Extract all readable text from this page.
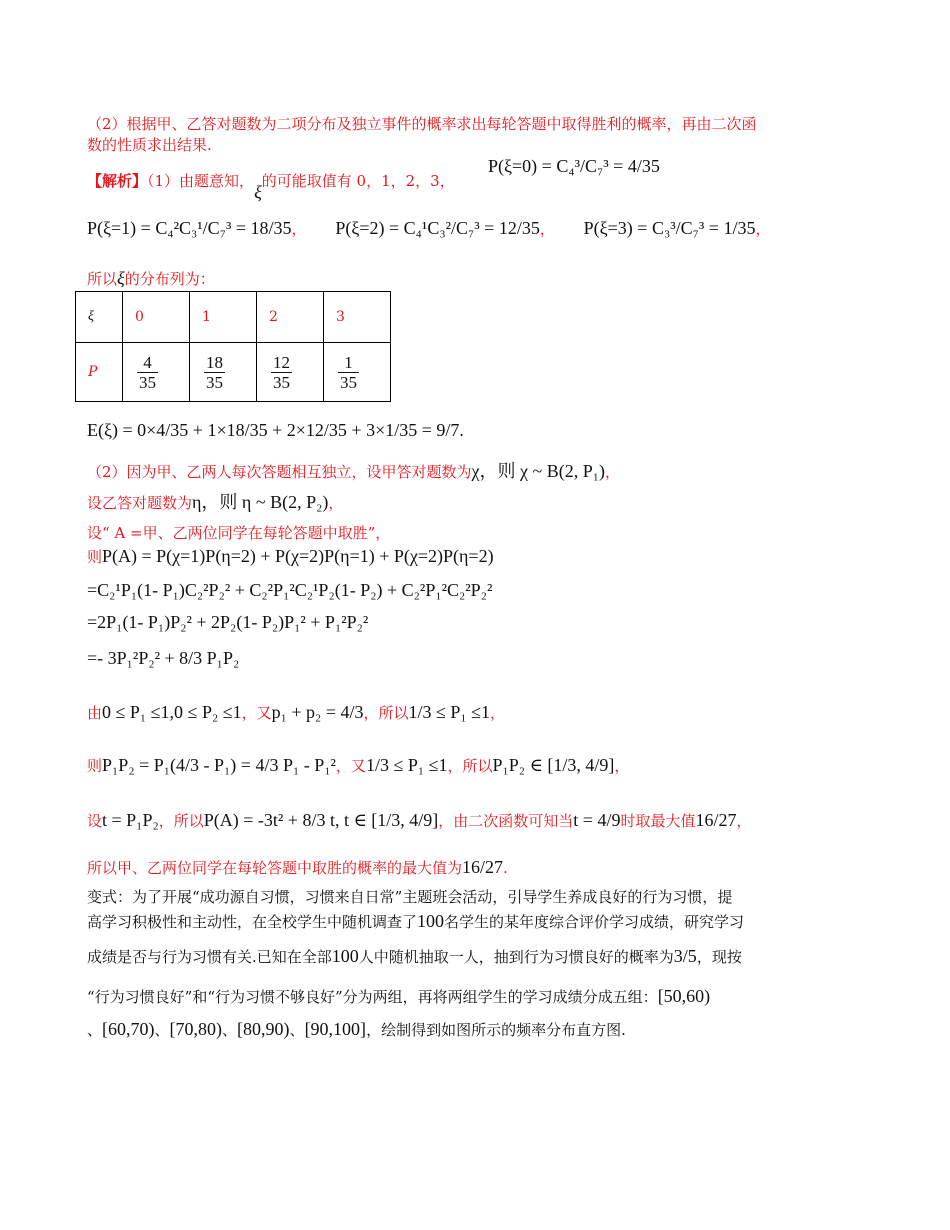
（2）根据甲、乙答对题数为二项分布及独立事件的概率求出每轮答题中取得胜利的概率，再由二次函
数的性质求出结果.
【解析】（1）由题意知，ξ的可能取值有 0，1，2，3，
P(ξ=0) = C₄³/C₇³ = 4/35
P(ξ=1) = C₄²C₃¹/C₇³ = 18/35， P(ξ=2) = C₄¹C₃²/C₇³ = 12/35， P(ξ=3) = C₃³/C₇³ = 1/35，
所以ξ的分布列为：
ξ	0	1	2	3
P	$\frac{4}{35}$	$\frac{18}{35}$	$\frac{12}{35}$	$\frac{1}{35}$
E(ξ) = 0×4/35 + 1×18/35 + 2×12/35 + 3×1/35 = 9/7.
（2）因为甲、乙两人每次答题相互独立，设甲答对题数为χ，则 χ ~ B(2, P₁)，
设乙答对题数为η，则 η ~ B(2, P₂)，
设“ A =甲、乙两位同学在每轮答题中取胜”，
则P(A) = P(χ=1)P(η=2) + P(χ=2)P(η=1) + P(χ=2)P(η=2)
=C₂¹P₁(1- P₁)C₂²P₂² + C₂²P₁²C₂¹P₂(1- P₂) + C₂²P₁²C₂²P₂²
=2P₁(1- P₁)P₂² + 2P₂(1- P₂)P₁² + P₁²P₂²
=- 3P₁²P₂² + 8/3 P₁P₂
由0 ≤ P₁ ≤1,0 ≤ P₂ ≤1，又p₁ + p₂ = 4/3，所以1/3 ≤ P₁ ≤1，
则P₁P₂ = P₁(4/3 - P₁) = 4/3 P₁ - P₁²，又1/3 ≤ P₁ ≤1，所以P₁P₂ ∈ [1/3, 4/9]，
设t = P₁P₂，所以P(A) = -3t² + 8/3 t, t ∈ [1/3, 4/9]，由二次函数可知当t = 4/9时取最大值16/27，
所以甲、乙两位同学在每轮答题中取胜的概率的最大值为16/27.
变式：为了开展“成功源自习惯，习惯来自日常”主题班会活动，引导学生养成良好的行为习惯，提
高学习积极性和主动性，在全校学生中随机调查了100名学生的某年度综合评价学习成绩，研究学习
成绩是否与行为习惯有关.已知在全部100人中随机抽取一人，抽到行为习惯良好的概率为3/5，现按
“行为习惯良好”和“行为习惯不够良好”分为两组，再将两组学生的学习成绩分成五组：[50,60)
、[60,70)、[70,80)、[80,90)、[90,100]，绘制得到如图所示的频率分布直方图.
